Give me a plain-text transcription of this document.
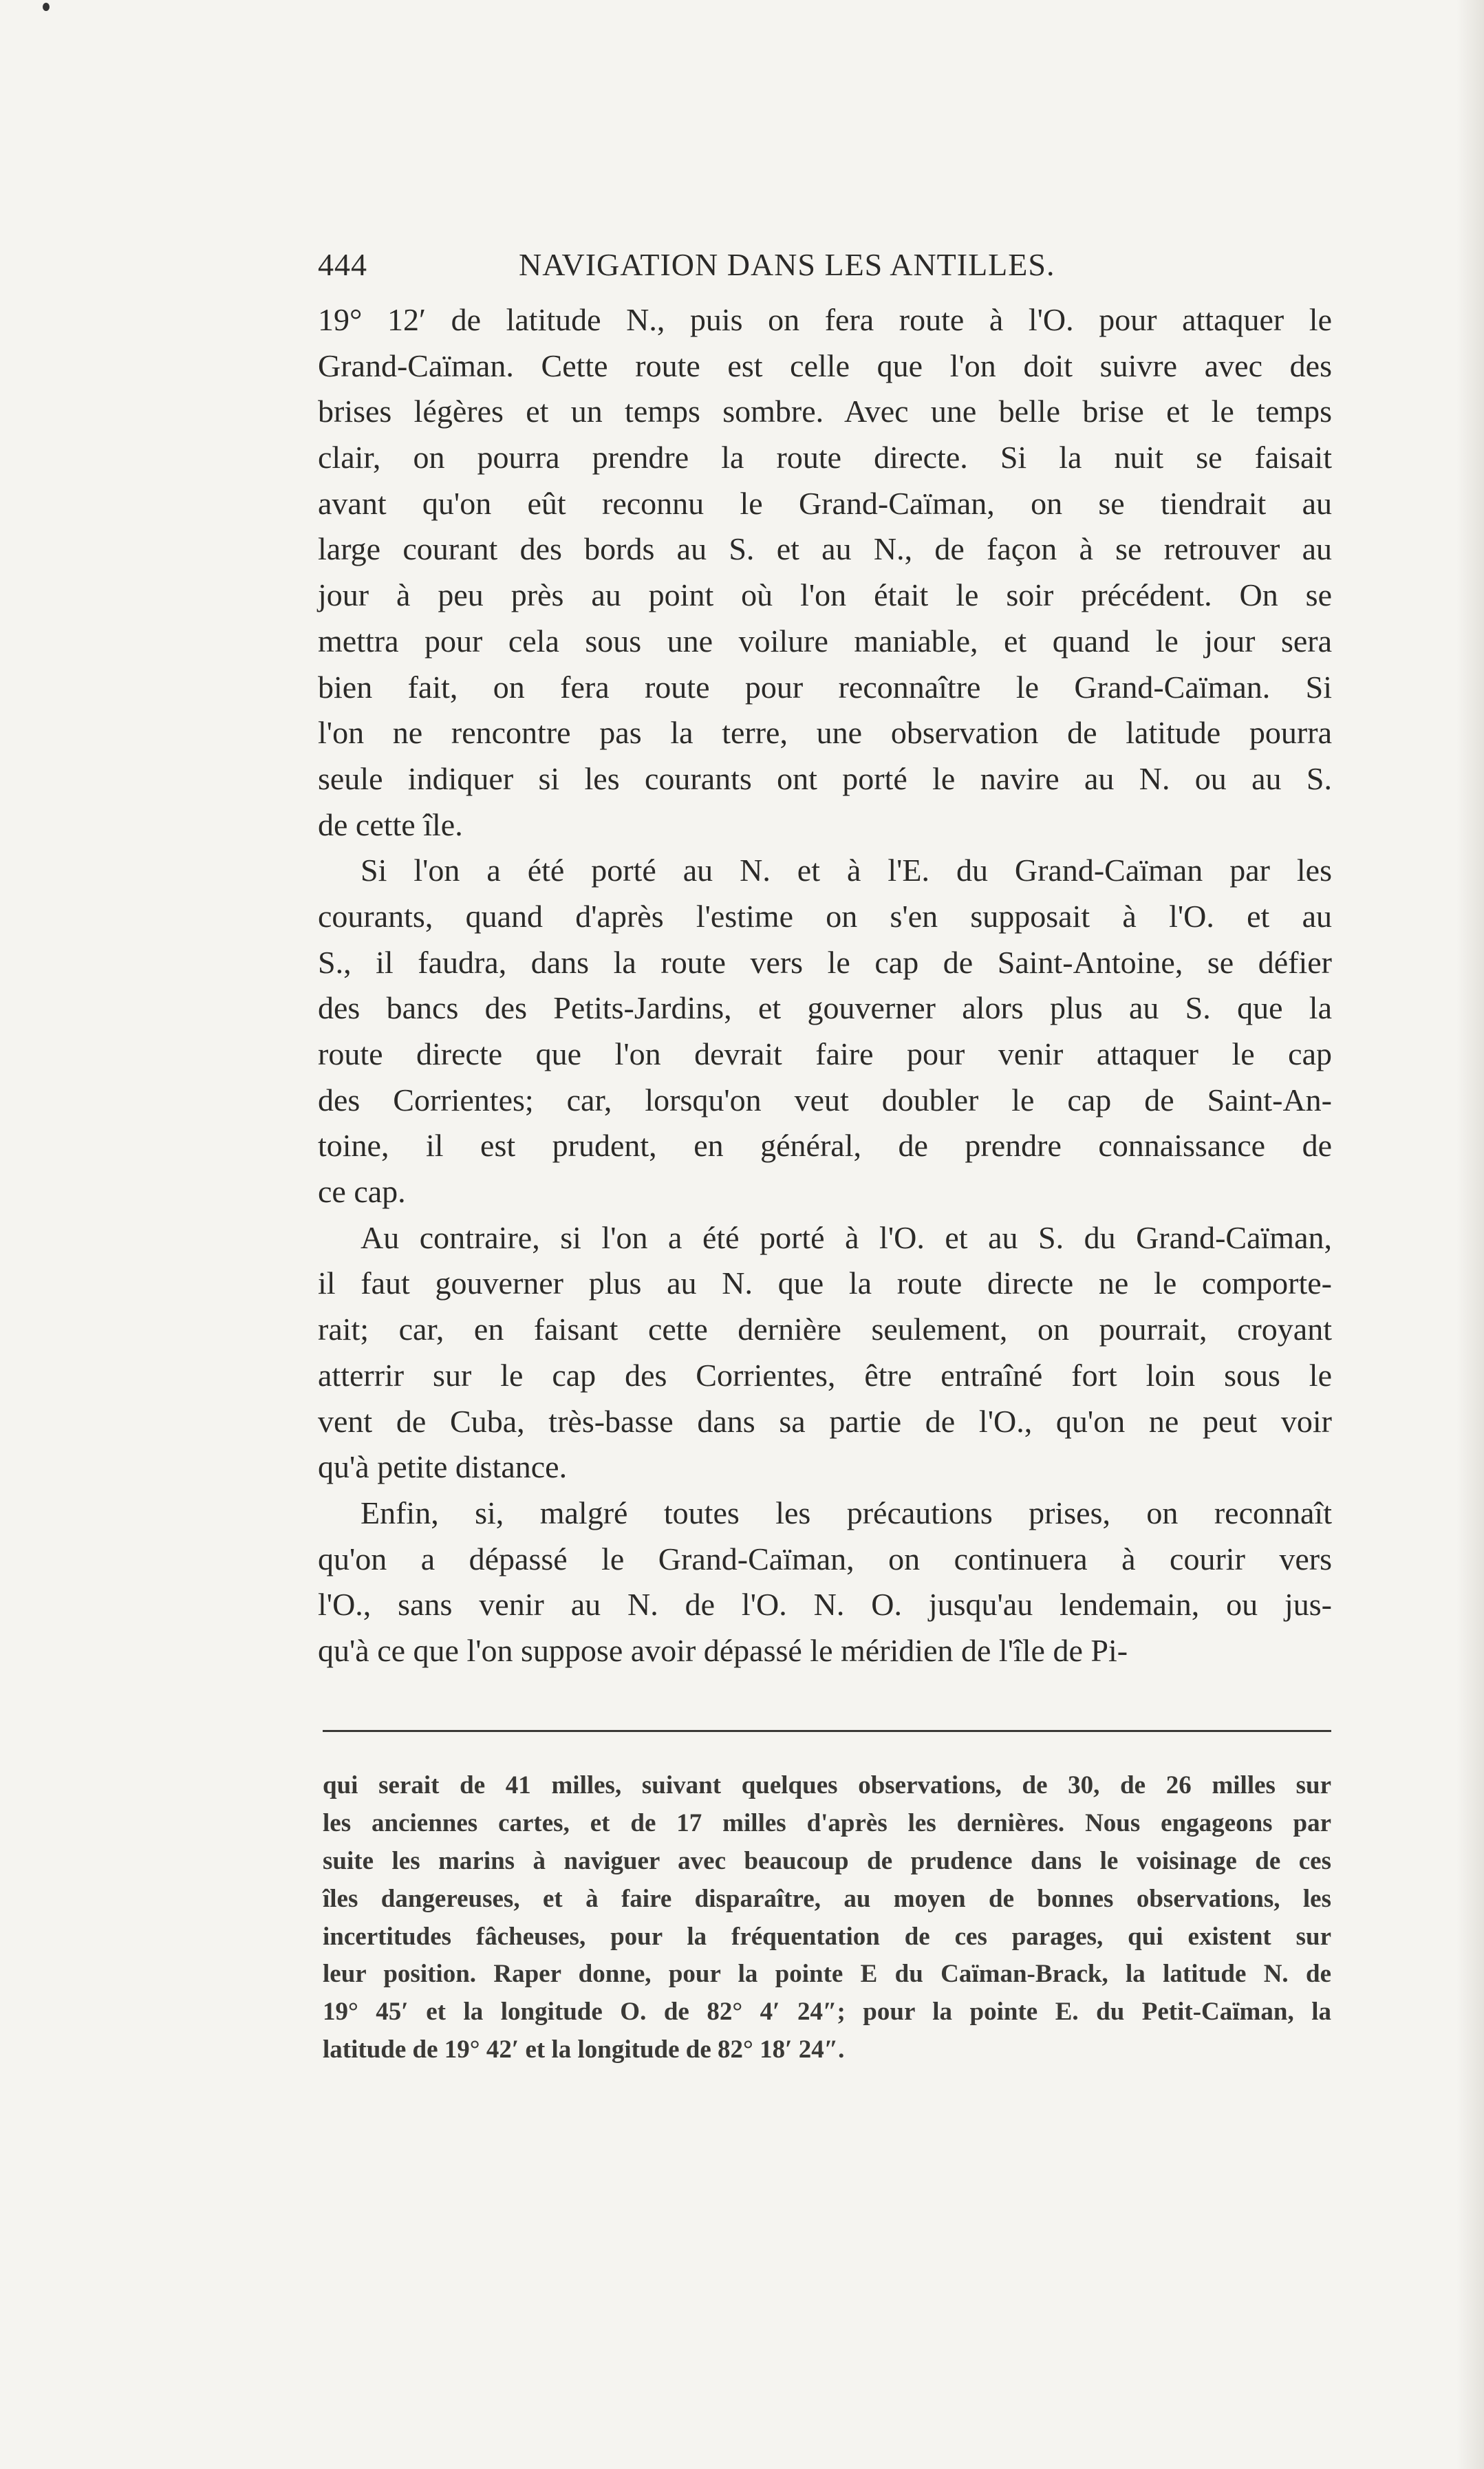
444	NAVIGATION DANS LES ANTILLES.
19° 12′ de latitude N., puis on fera route à l'O. pour attaquer le
Grand-Caïman. Cette route est celle que l'on doit suivre avec des
brises légères et un temps sombre. Avec une belle brise et le temps
clair, on pourra prendre la route directe. Si la nuit se faisait
avant qu'on eût reconnu le Grand-Caïman, on se tiendrait au
large courant des bords au S. et au N., de façon à se retrouver au
jour à peu près au point où l'on était le soir précédent. On se
mettra pour cela sous une voilure maniable, et quand le jour sera
bien fait, on fera route pour reconnaître le Grand-Caïman. Si
l'on ne rencontre pas la terre, une observation de latitude pourra
seule indiquer si les courants ont porté le navire au N. ou au S.
de cette île.
Si l'on a été porté au N. et à l'E. du Grand-Caïman par les
courants, quand d'après l'estime on s'en supposait à l'O. et au
S., il faudra, dans la route vers le cap de Saint-Antoine, se défier
des bancs des Petits-Jardins, et gouverner alors plus au S. que la
route directe que l'on devrait faire pour venir attaquer le cap
des Corrientes; car, lorsqu'on veut doubler le cap de Saint-An-
toine, il est prudent, en général, de prendre connaissance de
ce cap.
Au contraire, si l'on a été porté à l'O. et au S. du Grand-Caïman,
il faut gouverner plus au N. que la route directe ne le comporte-
rait; car, en faisant cette dernière seulement, on pourrait, croyant
atterrir sur le cap des Corrientes, être entraîné fort loin sous le
vent de Cuba, très-basse dans sa partie de l'O., qu'on ne peut voir
qu'à petite distance.
Enfin, si, malgré toutes les précautions prises, on reconnaît
qu'on a dépassé le Grand-Caïman, on continuera à courir vers
l'O., sans venir au N. de l'O. N. O. jusqu'au lendemain, ou jus-
qu'à ce que l'on suppose avoir dépassé le méridien de l'île de Pi-
qui serait de 41 milles, suivant quelques observations, de 30, de 26 milles sur
les anciennes cartes, et de 17 milles d'après les dernières. Nous engageons par
suite les marins à naviguer avec beaucoup de prudence dans le voisinage de ces
îles dangereuses, et à faire disparaître, au moyen de bonnes observations, les
incertitudes fâcheuses, pour la fréquentation de ces parages, qui existent sur
leur position. Raper donne, pour la pointe E du Caïman-Brack, la latitude N. de
19° 45′ et la longitude O. de 82° 4′ 24″; pour la pointe E. du Petit-Caïman, la
latitude de 19° 42′ et la longitude de 82° 18′ 24″.
